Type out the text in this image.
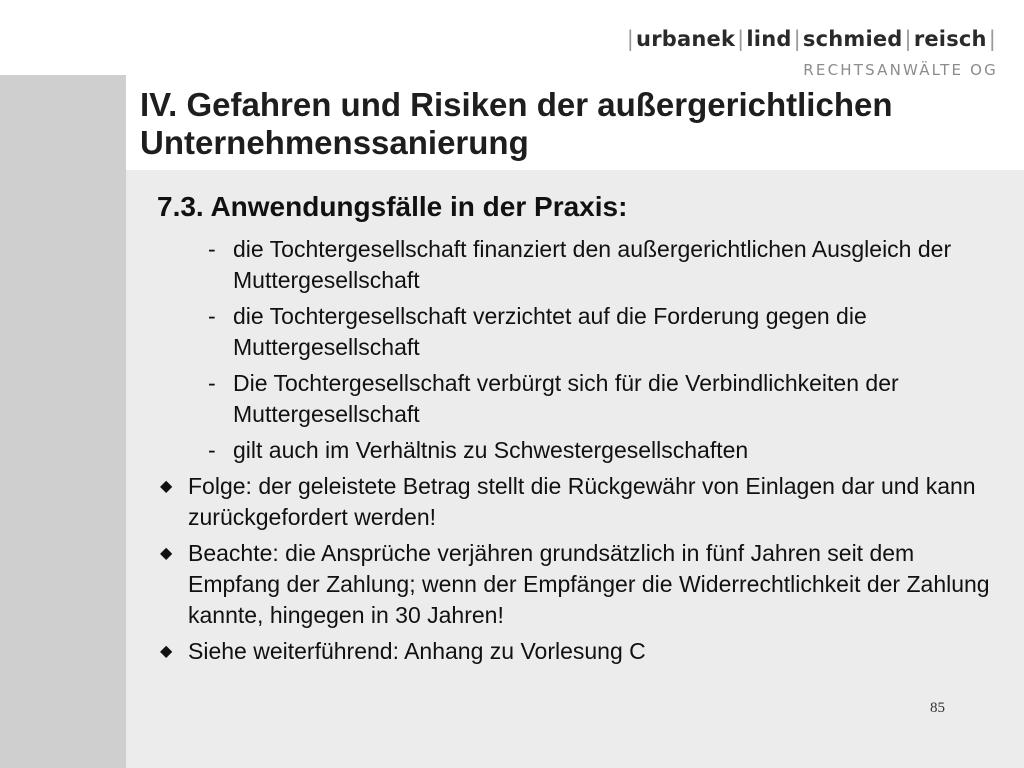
|urbanek|lind|schmied|reisch|
RECHTSANWÄLTE OG
IV. Gefahren und Risiken der außergerichtlichen Unternehmenssanierung
7.3. Anwendungsfälle in der Praxis:
- die Tochtergesellschaft finanziert den außergerichtlichen Ausgleich der Muttergesellschaft
- die Tochtergesellschaft verzichtet auf die Forderung gegen die Muttergesellschaft
- Die Tochtergesellschaft verbürgt sich für die Verbindlichkeiten der Muttergesellschaft
- gilt auch im Verhältnis zu Schwestergesellschaften
◆ Folge: der geleistete Betrag stellt die Rückgewähr von Einlagen dar und kann zurückgefordert werden!
◆ Beachte: die Ansprüche verjähren grundsätzlich in fünf Jahren seit dem Empfang der Zahlung; wenn der Empfänger die Widerrechtlichkeit der Zahlung kannte, hingegen in 30 Jahren!
◆ Siehe weiterführend: Anhang zu Vorlesung C
85
